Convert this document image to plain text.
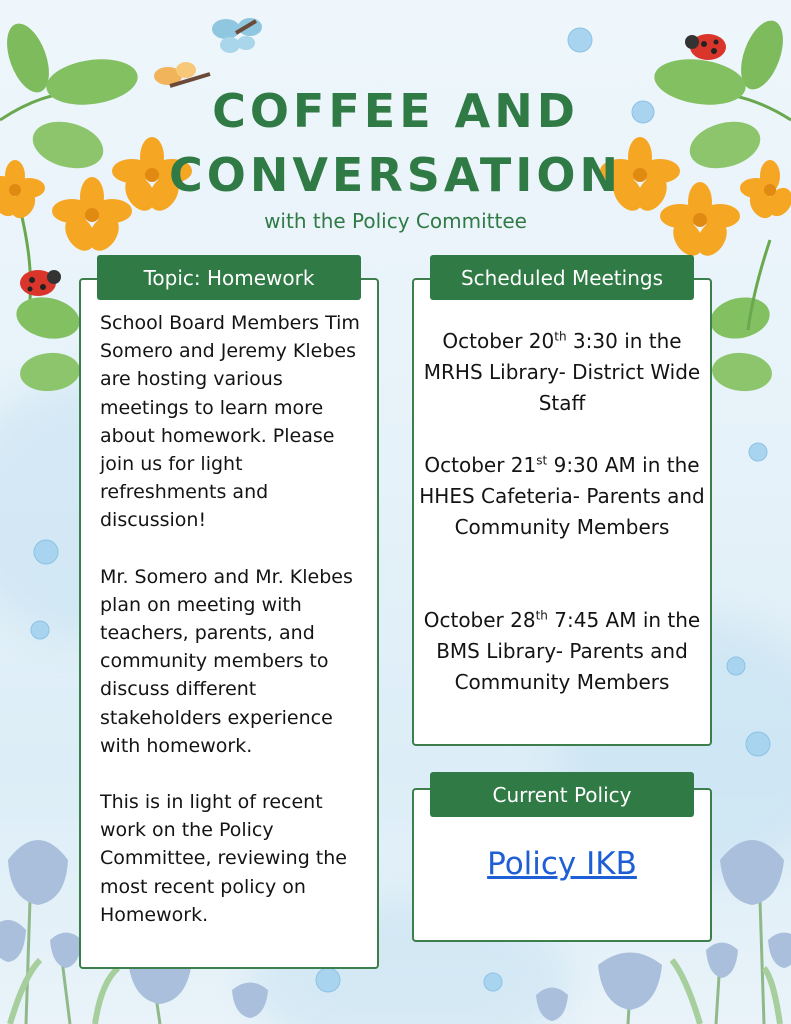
COFFEE AND
CONVERSATION

with the Policy Committee

Topic: Homework

School Board Members Tim Somero and Jeremy Klebes are hosting various meetings to learn more about homework. Please join us for light refreshments and discussion!

Mr. Somero and Mr. Klebes plan on meeting with teachers, parents, and community members to discuss different stakeholders experience with homework.

This is in light of recent work on the Policy Committee, reviewing the most recent policy on Homework.

Scheduled Meetings

October 20th 3:30 in the MRHS Library- District Wide Staff

October 21st 9:30 AM in the HHES Cafeteria- Parents and Community Members

October 28th 7:45 AM in the BMS Library- Parents and Community Members

Current Policy
Policy IKB
